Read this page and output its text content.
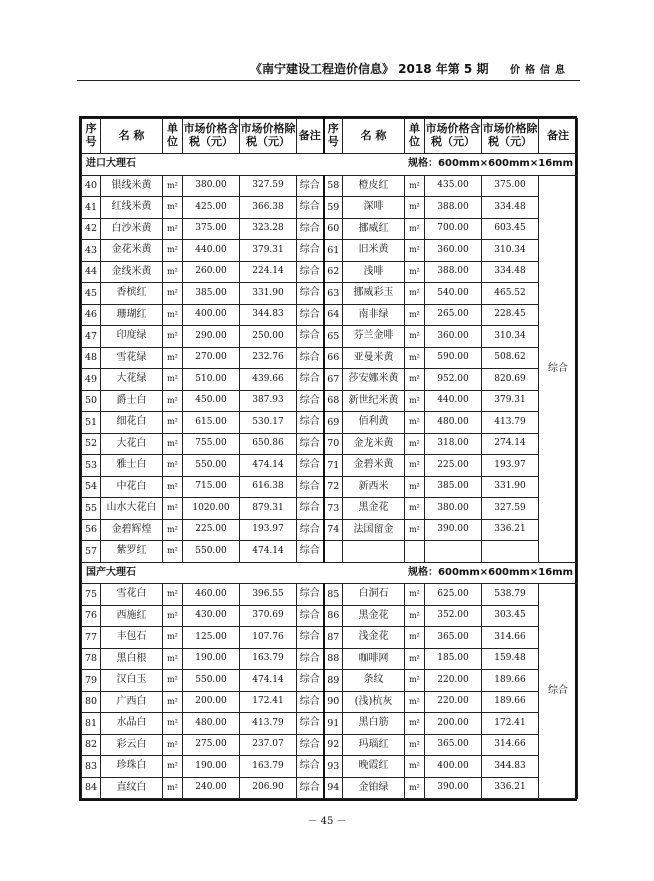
《南宁建设工程造价信息》 2018 年第 5 期 价格信息
序号	名 称	单位	市场价格含税（元）	市场价格除税（元）	备注	序号	名 称	单位	市场价格含税（元）	市场价格除税（元）	备注

进口大理石 规格：600mm×600mm×16mm											

40	银线米黄	m²	380.00	327.59	综合	58	橙皮红	m²	435.00	375.00	综合
41	红线米黄	m²	425.00	366.38	综合	59	深啡	m²	388.00	334.48	
42	白沙米黄	m²	375.00	323.28	综合	60	挪威红	m²	700.00	603.45	
43	金花米黄	m²	440.00	379.31	综合	61	旧米黄	m²	360.00	310.34	
44	金线米黄	m²	260.00	224.14	综合	62	浅啡	m²	388.00	334.48	
45	香槟红	m²	385.00	331.90	综合	63	挪威彩玉	m²	540.00	465.52	
46	珊瑚红	m²	400.00	344.83	综合	64	南非绿	m²	265.00	228.45	
47	印度绿	m²	290.00	250.00	综合	65	芬兰金啡	m²	360.00	310.34	
48	雪花绿	m²	270.00	232.76	综合	66	亚曼米黄	m²	590.00	508.62	
49	大花绿	m²	510.00	439.66	综合	67	莎安娜米黄	m²	952.00	820.69	
50	爵士白	m²	450.00	387.93	综合	68	新世纪米黄	m²	440.00	379.31	
51	细花白	m²	615.00	530.17	综合	69	佰利黄	m²	480.00	413.79	
52	大花白	m²	755.00	650.86	综合	70	金龙米黄	m²	318.00	274.14	
53	雅士白	m²	550.00	474.14	综合	71	金碧米黄	m²	225.00	193.97	
54	中花白	m²	715.00	616.38	综合	72	新西米	m²	385.00	331.90	
55	山水大花白	m²	1020.00	879.31	综合	73	黑金花	m²	380.00	327.59	
56	金碧辉煌	m²	225.00	193.97	综合	74	法国留金	m²	390.00	336.21	
57	紫罗红	m²	550.00	474.14	综合						

国产大理石 规格：600mm×600mm×16mm											

75	雪花白	m²	460.00	396.55	综合	85	白洞石	m²	625.00	538.79	综合
76	西施红	m²	430.00	370.69	综合	86	黑金花	m²	352.00	303.45	
77	丰包石	m²	125.00	107.76	综合	87	浅金花	m²	365.00	314.66	
78	黑白根	m²	190.00	163.79	综合	88	咖啡网	m²	185.00	159.48	
79	汉白玉	m²	550.00	474.14	综合	89	条纹	m²	220.00	189.66	
80	广西白	m²	200.00	172.41	综合	90	(浅)杭灰	m²	220.00	189.66	
81	水晶白	m²	480.00	413.79	综合	91	黑白筋	m²	200.00	172.41	
82	彩云白	m²	275.00	237.07	综合	92	玛瑙红	m²	365.00	314.66	
83	珍珠白	m²	190.00	163.79	综合	93	晚霞红	m²	400.00	344.83	
84	直纹白	m²	240.00	206.90	综合	94	金铂绿	m²	390.00	336.21	
－ 45 －
